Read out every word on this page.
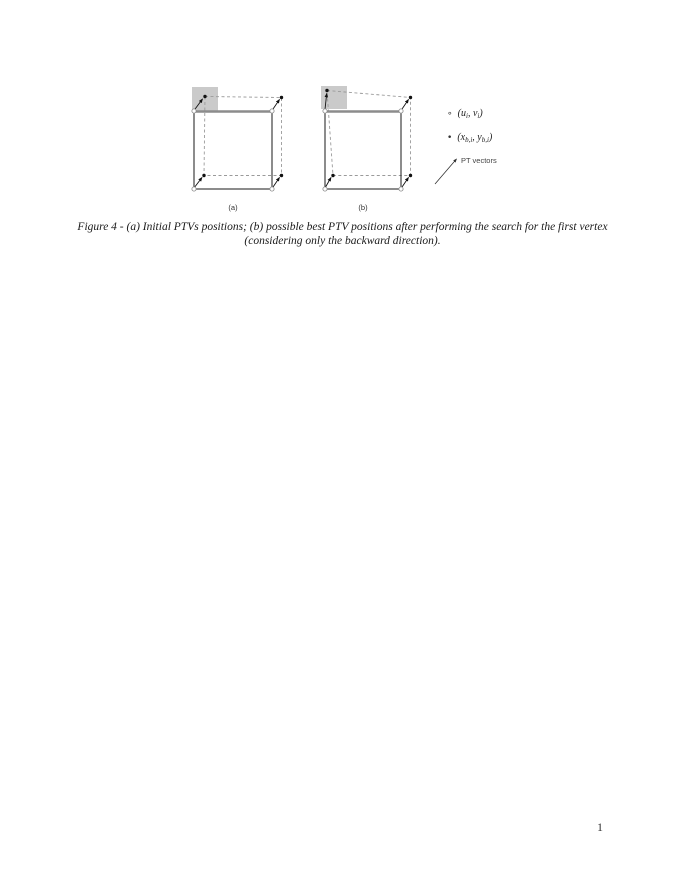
∘ ($u_i$, $v_i$)
• ($x_{b,i}$, $y_{b,i}$)
PT vectors
(a)	(b)
Figure 4 - (a) Initial PTVs positions; (b) possible best PTV positions after performing the search for the first vertex
(considering only the backward direction).
1
